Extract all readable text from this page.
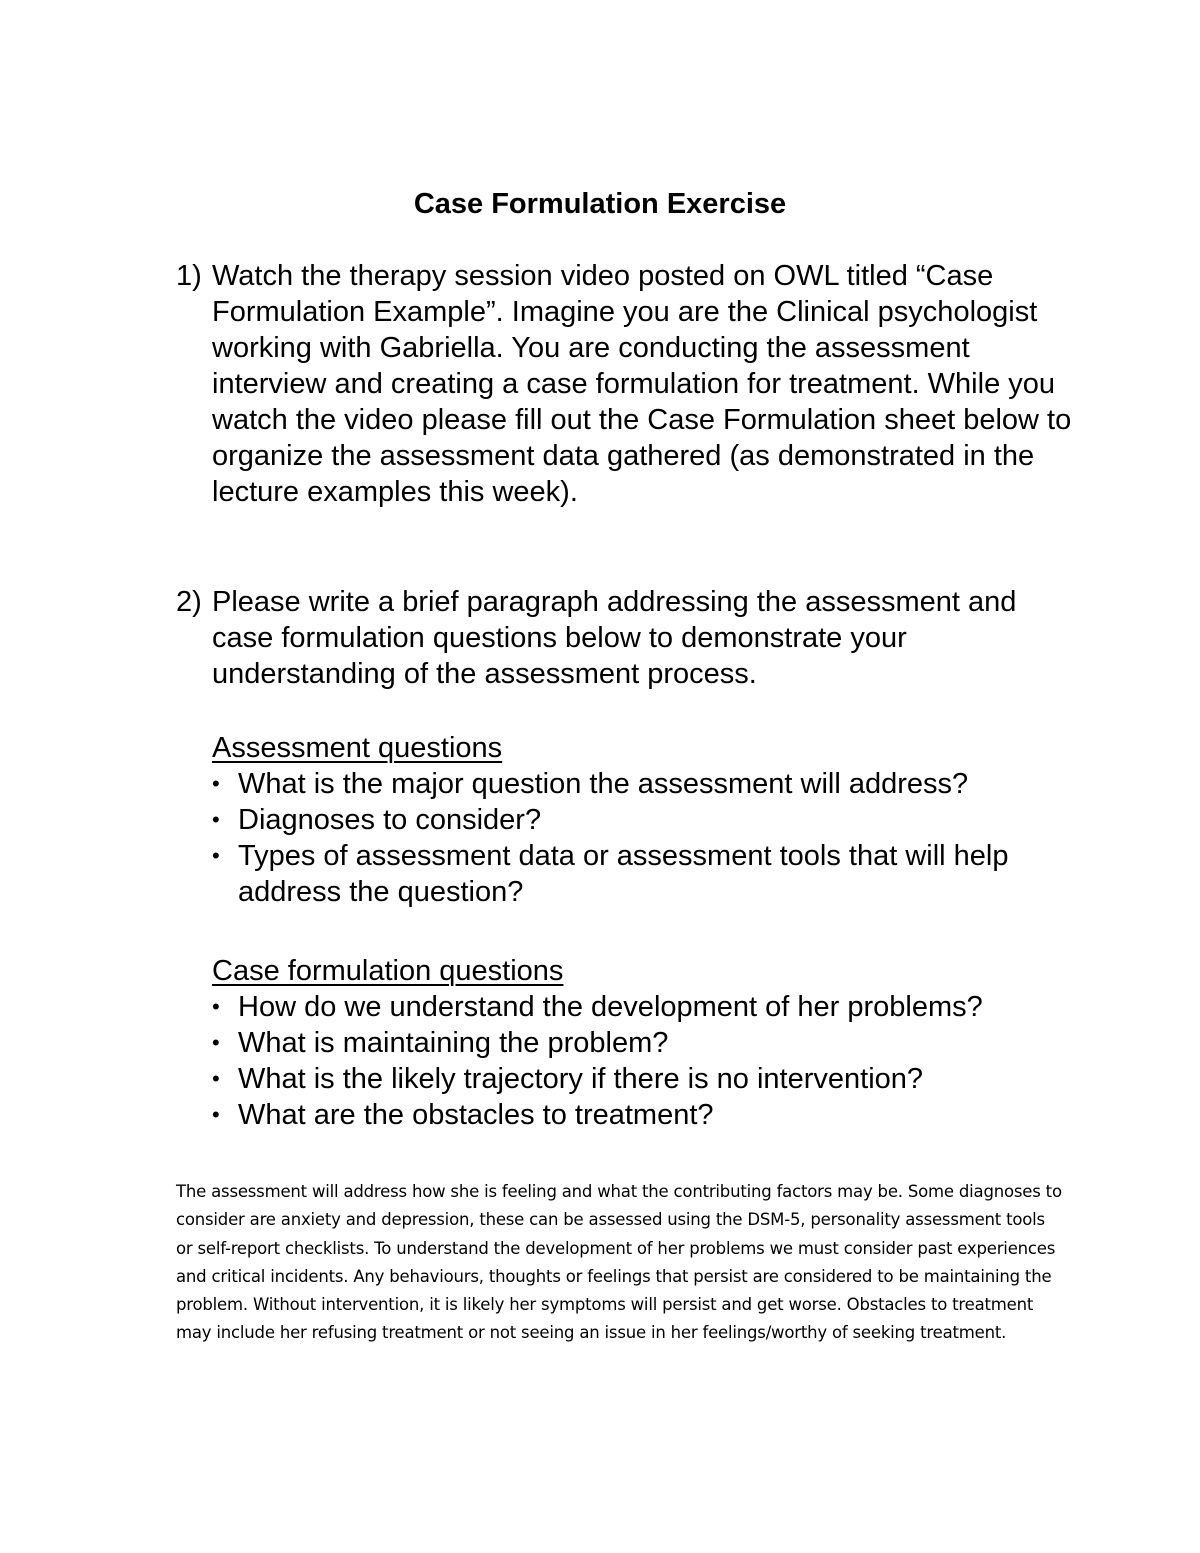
Case Formulation Exercise
1) Watch the therapy session video posted on OWL titled “Case Formulation Example”. Imagine you are the Clinical psychologist working with Gabriella. You are conducting the assessment interview and creating a case formulation for treatment. While you watch the video please fill out the Case Formulation sheet below to organize the assessment data gathered (as demonstrated in the lecture examples this week).
2) Please write a brief paragraph addressing the assessment and case formulation questions below to demonstrate your understanding of the assessment process.
Assessment questions
• What is the major question the assessment will address?
• Diagnoses to consider?
• Types of assessment data or assessment tools that will help address the question?
Case formulation questions
• How do we understand the development of her problems?
• What is maintaining the problem?
• What is the likely trajectory if there is no intervention?
• What are the obstacles to treatment?
The assessment will address how she is feeling and what the contributing factors may be. Some diagnoses to consider are anxiety and depression, these can be assessed using the DSM-5, personality assessment tools or self-report checklists. To understand the development of her problems we must consider past experiences and critical incidents. Any behaviours, thoughts or feelings that persist are considered to be maintaining the problem. Without intervention, it is likely her symptoms will persist and get worse. Obstacles to treatment may include her refusing treatment or not seeing an issue in her feelings/worthy of seeking treatment.
